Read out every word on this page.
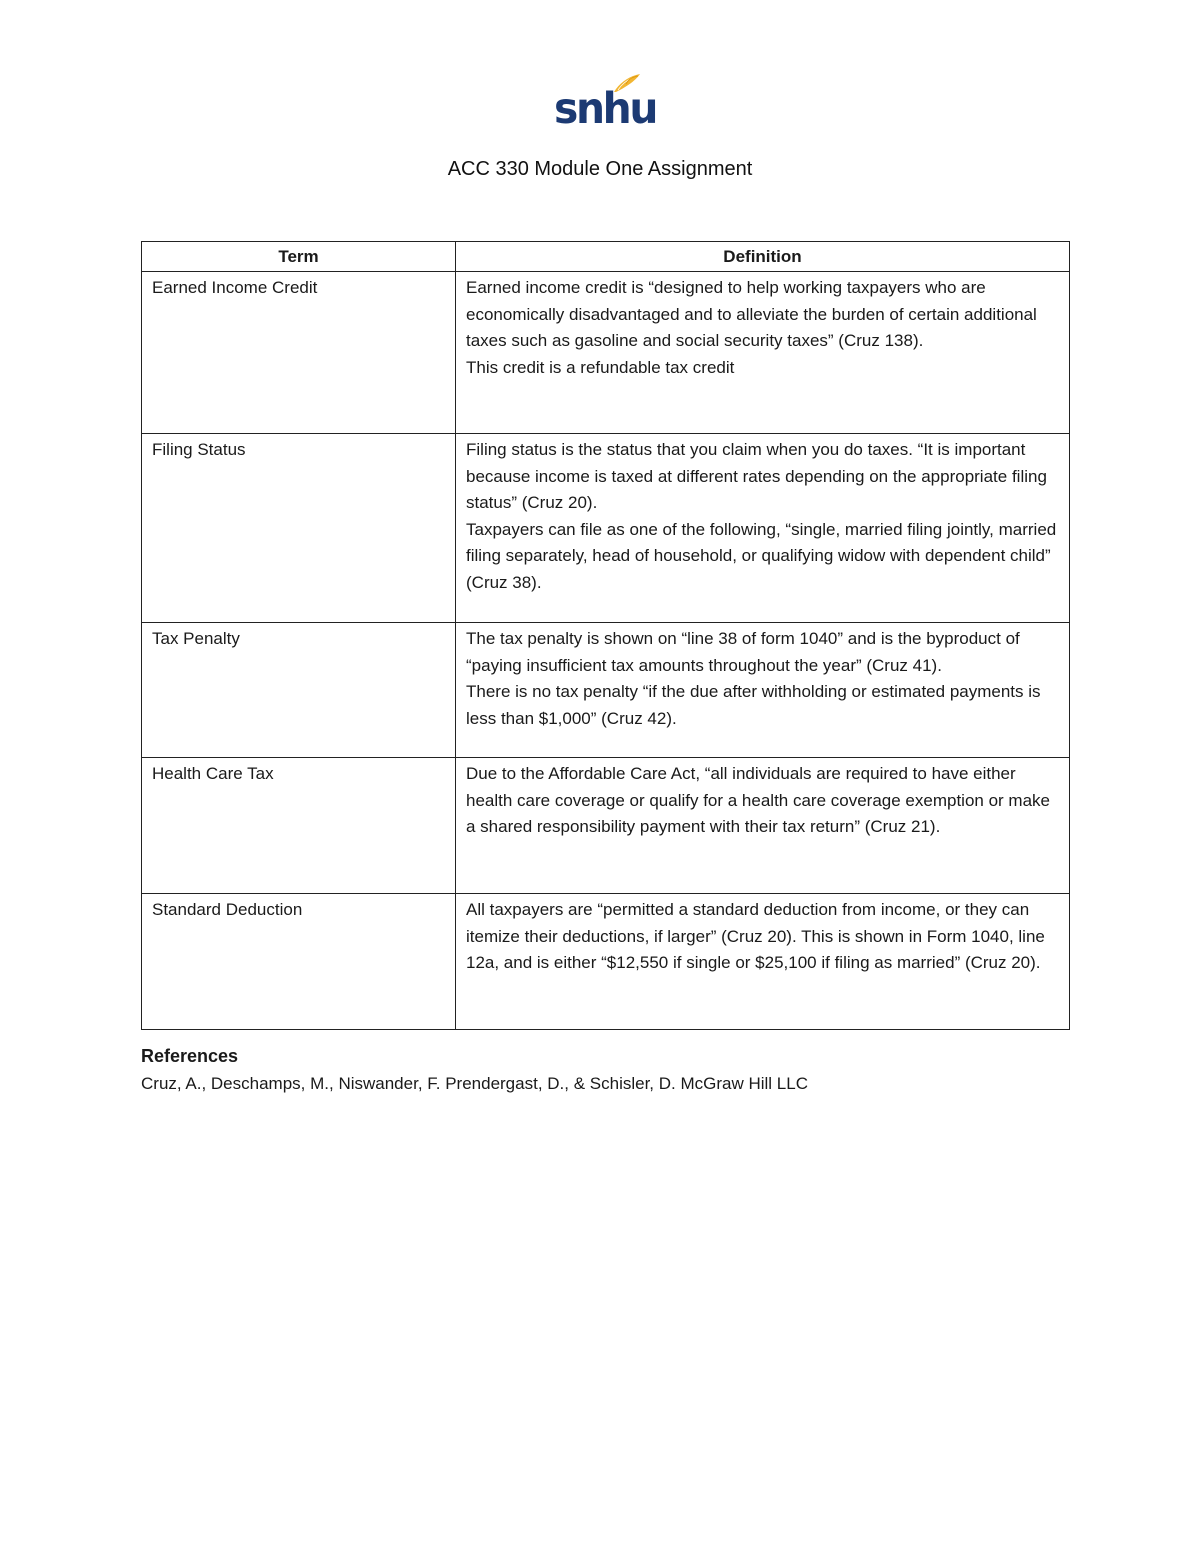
snhu
ACC 330 Module One Assignment
Term	Definition
Earned Income Credit	Earned income credit is “designed to help working taxpayers who are economically disadvantaged and to alleviate the burden of certain additional taxes such as gasoline and social security taxes” (Cruz 138).

This credit is a refundable tax credit

Filing Status	Filing status is the status that you claim when you do taxes. “It is important because income is taxed at different rates depending on the appropriate filing status” (Cruz 20).

Taxpayers can file as one of the following, “single, married filing jointly, married filing separately, head of household, or qualifying widow with dependent child” (Cruz 38).

Tax Penalty	The tax penalty is shown on “line 38 of form 1040” and is the byproduct of “paying insufficient tax amounts throughout the year” (Cruz 41).

There is no tax penalty “if the due after withholding or estimated payments is less than $1,000” (Cruz 42).

Health Care Tax	Due to the Affordable Care Act, “all individuals are required to have either health care coverage or qualify for a health care coverage exemption or make a shared responsibility payment with their tax return” (Cruz 21).

Standard Deduction	All taxpayers are “permitted a standard deduction from income, or they can itemize their deductions, if larger” (Cruz 20). This is shown in Form 1040, line 12a, and is either “$12,550 if single or $25,100 if filing as married” (Cruz 20).

References
Cruz, A., Deschamps, M., Niswander, F. Prendergast, D., & Schisler, D. McGraw Hill LLC
